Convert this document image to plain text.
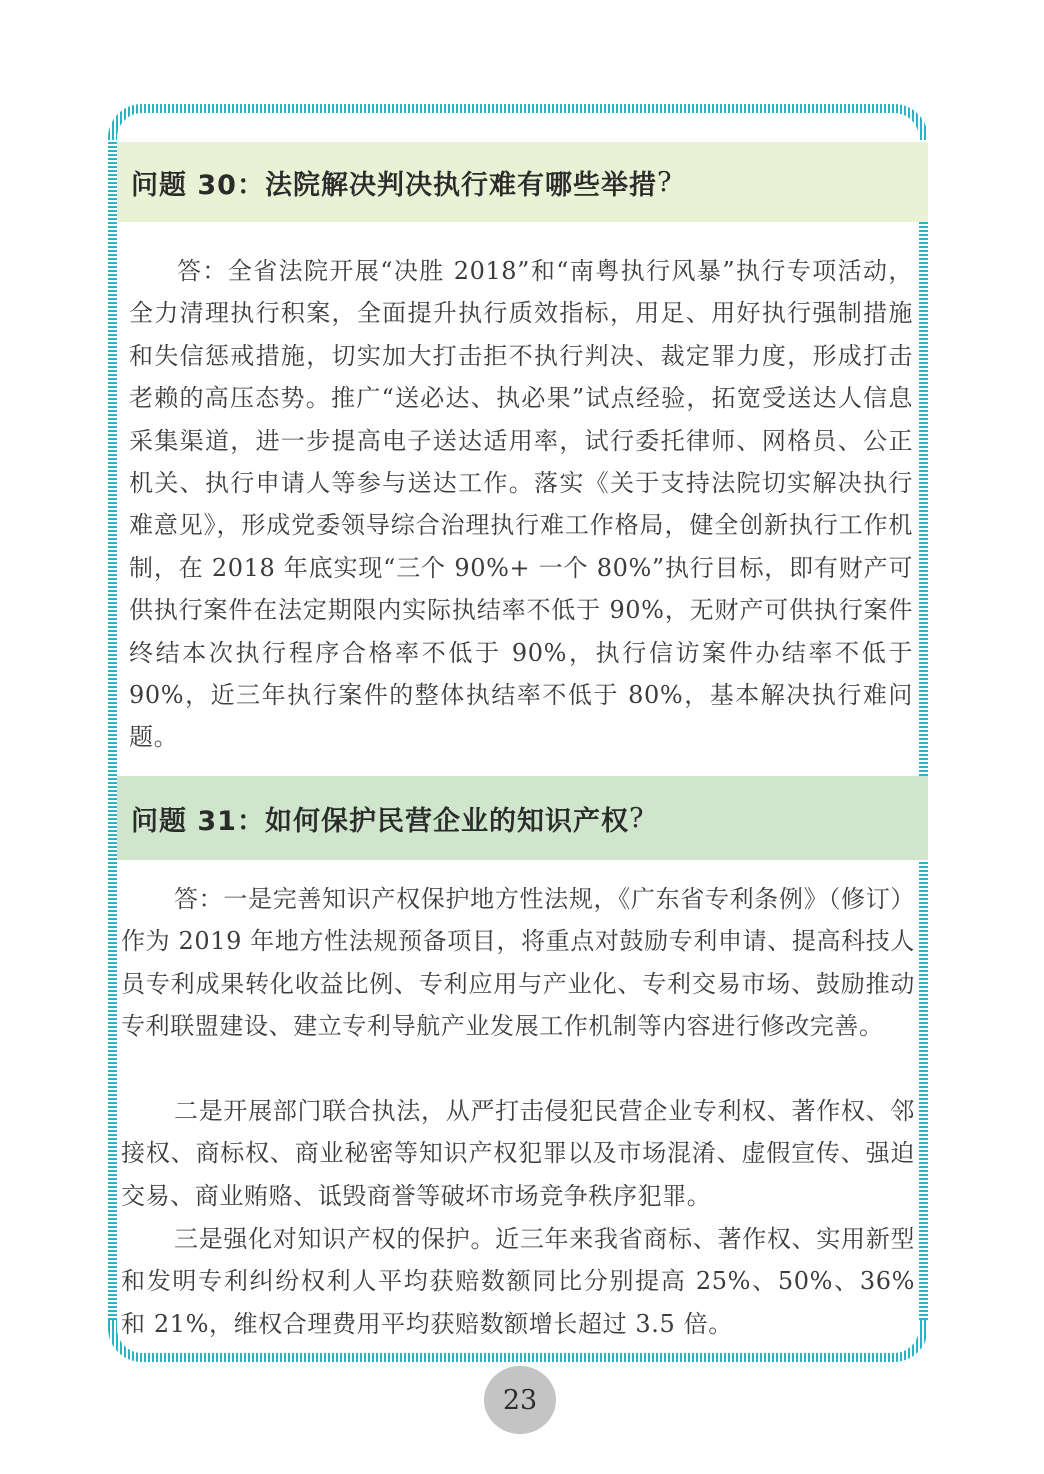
问题 30：法院解决判决执行难有哪些举措 ?

答：全省法院开展“决胜 2018”和“南粤执行风暴”执行专项活动，全力清理执行积案，全面提升执行质效指标，用足、用好执行强制措施和失信惩戒措施，切实加大打击拒不执行判决、裁定罪力度，形成打击老赖的高压态势。推广“送必达、执必果”试点经验，拓宽受送达人信息采集渠道，进一步提高电子送达适用率，试行委托律师、网格员、公正机关、执行申请人等参与送达工作。落实《关于支持法院切实解决执行难意见》，形成党委领导综合治理执行难工作格局，健全创新执行工作机制，在 2018 年底实现“三个 90%+ 一个 80%”执行目标，即有财产可供执行案件在法定期限内实际执结率不低于 90%，无财产可供执行案件终结本次执行程序合格率不低于 90%，执行信访案件办结率不低于 90%，近三年执行案件的整体执结率不低于 80%，基本解决执行难问题。

问题 31：如何保护民营企业的知识产权 ?

答：一是完善知识产权保护地方性法规，《广东省专利条例》（修订）作为 2019 年地方性法规预备项目，将重点对鼓励专利申请、提高科技人员专利成果转化收益比例、专利应用与产业化、专利交易市场、鼓励推动专利联盟建设、建立专利导航产业发展工作机制等内容进行修改完善。

二是开展部门联合执法，从严打击侵犯民营企业专利权、著作权、邻接权、商标权、商业秘密等知识产权犯罪以及市场混淆、虚假宣传、强迫交易、商业贿赂、诋毁商誉等破坏市场竞争秩序犯罪。

三是强化对知识产权的保护。近三年来我省商标、著作权、实用新型和发明专利纠纷权利人平均获赔数额同比分别提高 25%、50%、36% 和 21%，维权合理费用平均获赔数额增长超过 3.5 倍。

23
